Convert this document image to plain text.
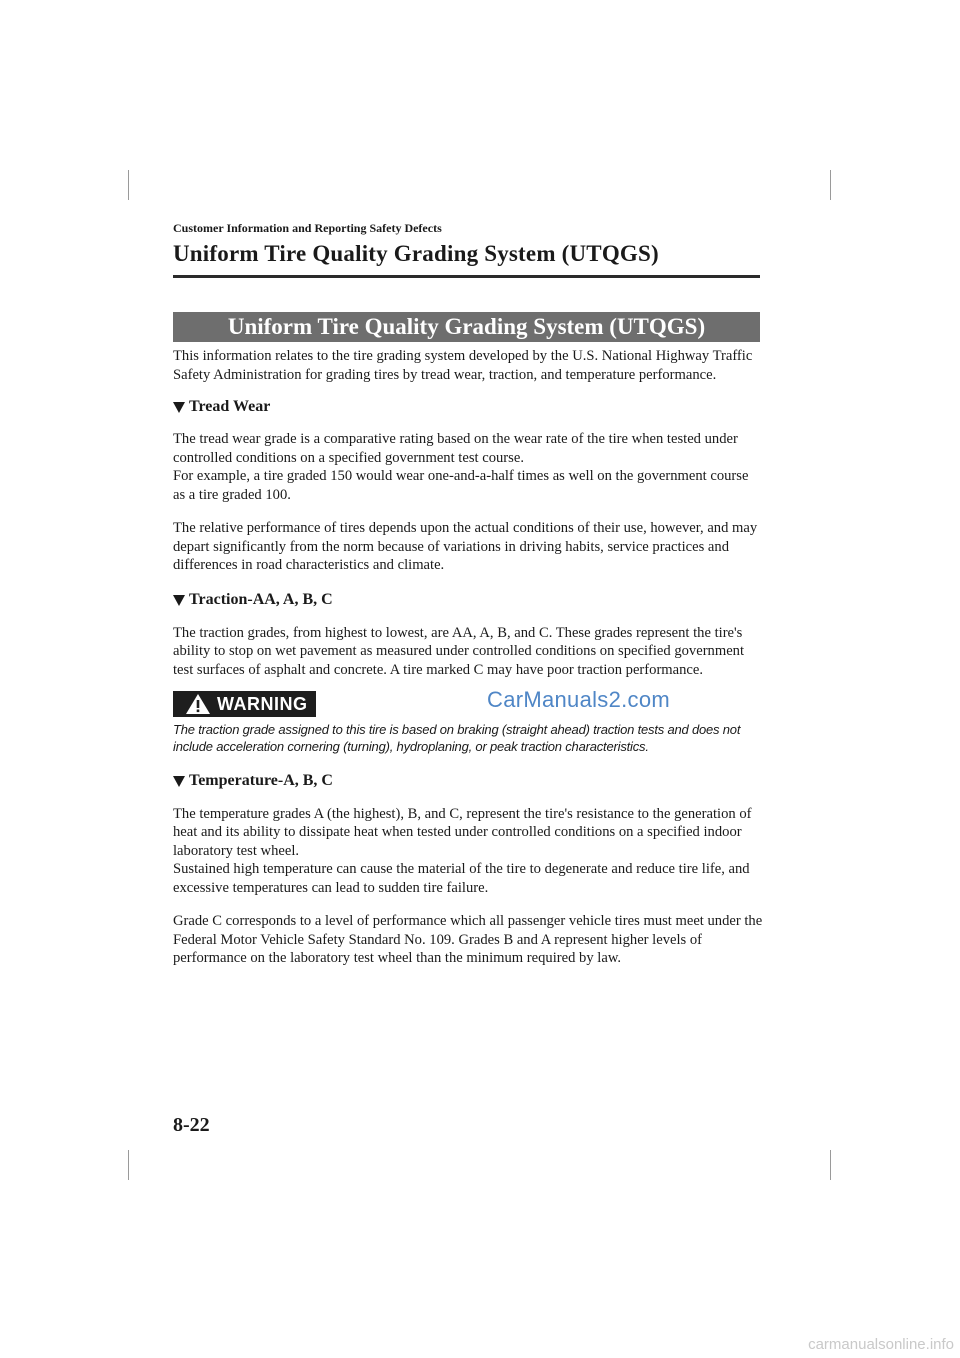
Customer Information and Reporting Safety Defects
Uniform Tire Quality Grading System (UTQGS)
Uniform Tire Quality Grading System (UTQGS)

This information relates to the tire grading system developed by the U.S. National Highway Traffic Safety Administration for grading tires by tread wear, traction, and temperature performance.

Tread Wear

The tread wear grade is a comparative rating based on the wear rate of the tire when tested under controlled conditions on a specified government test course.

For example, a tire graded 150 would wear one-and-a-half times as well on the government course as a tire graded 100.

The relative performance of tires depends upon the actual conditions of their use, however, and may depart significantly from the norm because of variations in driving habits, service practices and differences in road characteristics and climate.

Traction-AA, A, B, C

The traction grades, from highest to lowest, are AA, A, B, and C. These grades represent the tire's ability to stop on wet pavement as measured under controlled conditions on specified government test surfaces of asphalt and concrete. A tire marked C may have poor traction performance.

WARNING

The traction grade assigned to this tire is based on braking (straight ahead) traction tests and does not include acceleration cornering (turning), hydroplaning, or peak traction characteristics.

Temperature-A, B, C

The temperature grades A (the highest), B, and C, represent the tire's resistance to the generation of heat and its ability to dissipate heat when tested under controlled conditions on a specified indoor laboratory test wheel.

Sustained high temperature can cause the material of the tire to degenerate and reduce tire life, and excessive temperatures can lead to sudden tire failure.

Grade C corresponds to a level of performance which all passenger vehicle tires must meet under the Federal Motor Vehicle Safety Standard No. 109. Grades B and A represent higher levels of performance on the laboratory test wheel than the minimum required by law.

CarManuals2.com
8-22
carmanualsonline.info
